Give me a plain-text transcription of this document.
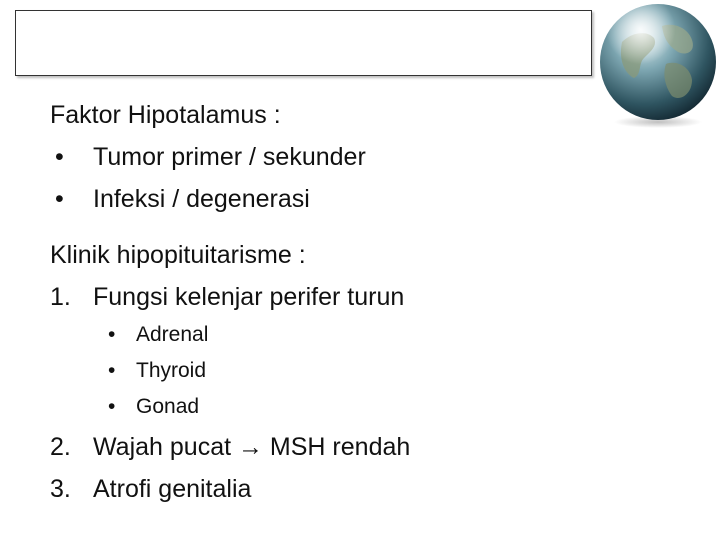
Faktor Hipotalamus :
• Tumor primer / sekunder
• Infeksi / degenerasi
Klinik hipopituitarisme :
1. Fungsi kelenjar perifer turun
• Adrenal
• Thyroid
• Gonad
2. Wajah pucat → MSH rendah
3. Atrofi genitalia
